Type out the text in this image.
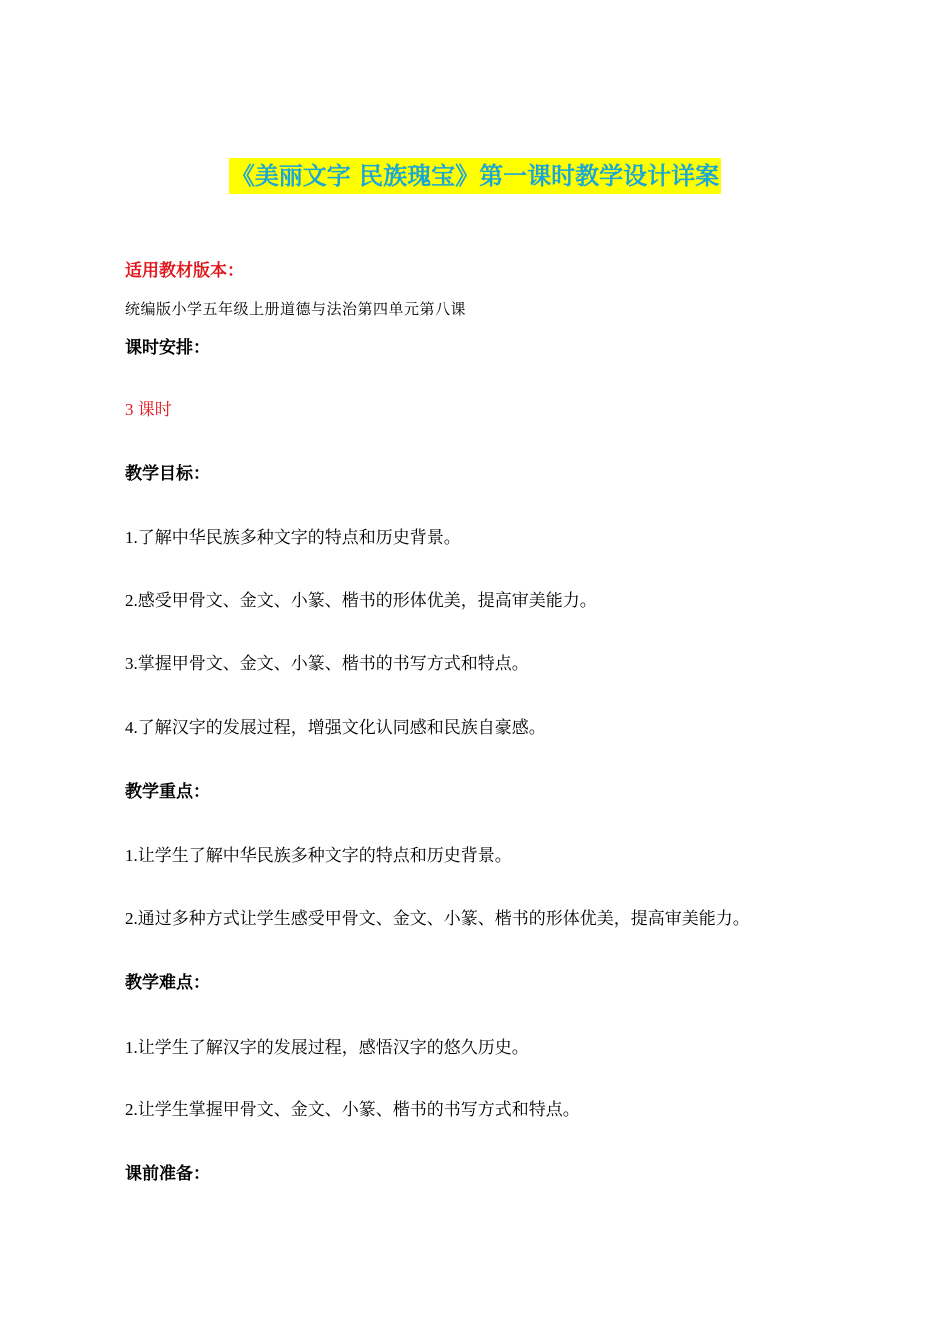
《美丽文字 民族瑰宝》第一课时教学设计详案
适用教材版本：
统编版小学五年级上册道德与法治第四单元第八课
课时安排：
3 课时
教学目标：
1.了解中华民族多种文字的特点和历史背景。
2.感受甲骨文、金文、小篆、楷书的形体优美，提高审美能力。
3.掌握甲骨文、金文、小篆、楷书的书写方式和特点。
4.了解汉字的发展过程，增强文化认同感和民族自豪感。
教学重点：
1.让学生了解中华民族多种文字的特点和历史背景。
2.通过多种方式让学生感受甲骨文、金文、小篆、楷书的形体优美，提高审美能力。
教学难点：
1.让学生了解汉字的发展过程，感悟汉字的悠久历史。
2.让学生掌握甲骨文、金文、小篆、楷书的书写方式和特点。
课前准备：
